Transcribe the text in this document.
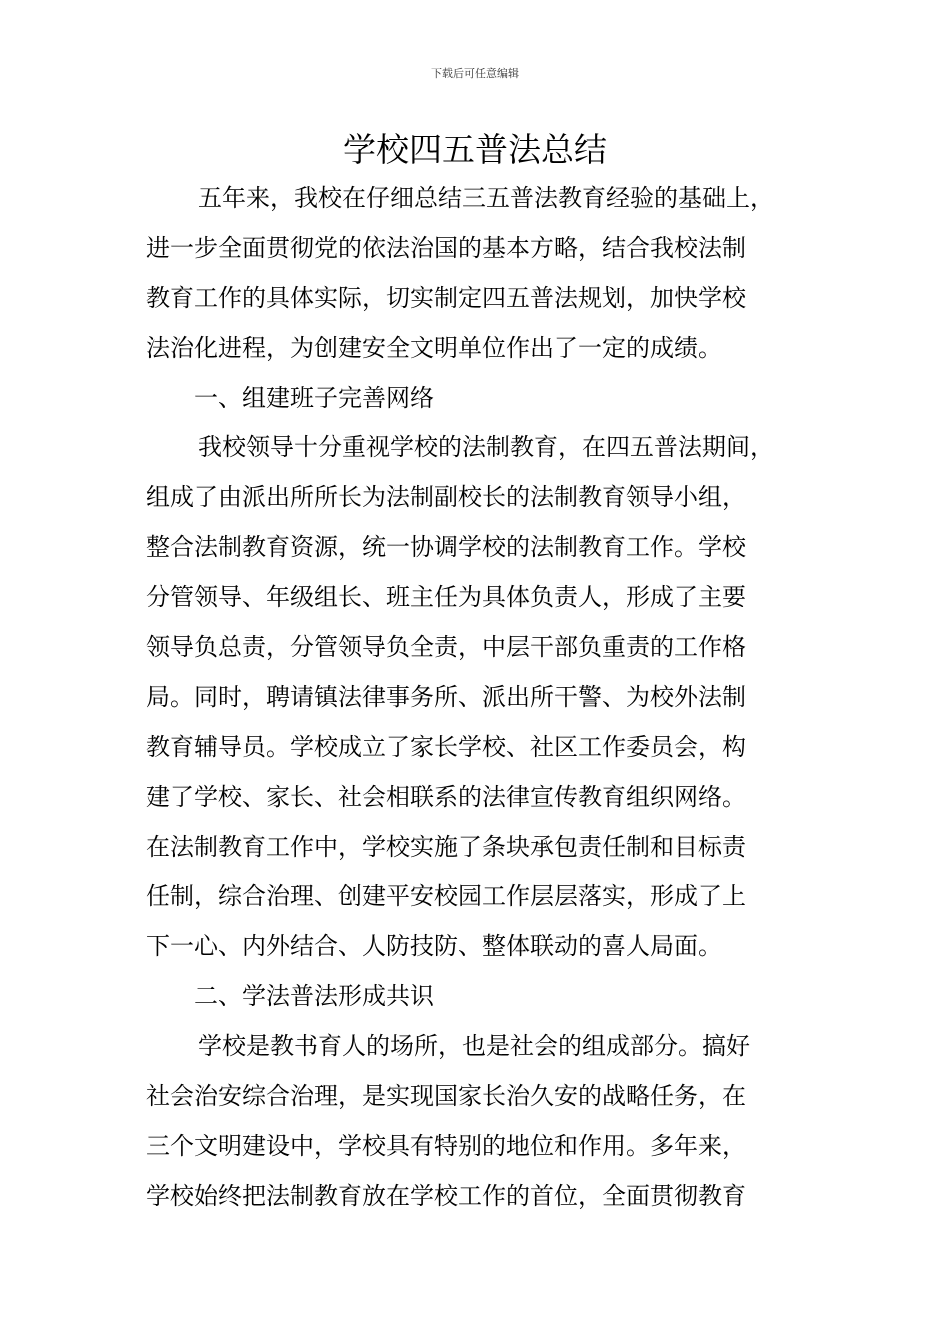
下载后可任意编辑
学校四五普法总结
五年来，我校在仔细总结三五普法教育经验的基础上，
进一步全面贯彻党的依法治国的基本方略，结合我校法制
教育工作的具体实际，切实制定四五普法规划，加快学校
法治化进程，为创建安全文明单位作出了一定的成绩。
一、组建班子完善网络
我校领导十分重视学校的法制教育，在四五普法期间，
组成了由派出所所长为法制副校长的法制教育领导小组，
整合法制教育资源，统一协调学校的法制教育工作。学校
分管领导、年级组长、班主任为具体负责人，形成了主要
领导负总责，分管领导负全责，中层干部负重责的工作格
局。同时，聘请镇法律事务所、派出所干警、为校外法制
教育辅导员。学校成立了家长学校、社区工作委员会，构
建了学校、家长、社会相联系的法律宣传教育组织网络。
在法制教育工作中，学校实施了条块承包责任制和目标责
任制，综合治理、创建平安校园工作层层落实，形成了上
下一心、内外结合、人防技防、整体联动的喜人局面。
二、学法普法形成共识
学校是教书育人的场所，也是社会的组成部分。搞好
社会治安综合治理，是实现国家长治久安的战略任务，在
三个文明建设中，学校具有特别的地位和作用。多年来，
学校始终把法制教育放在学校工作的首位，全面贯彻教育
